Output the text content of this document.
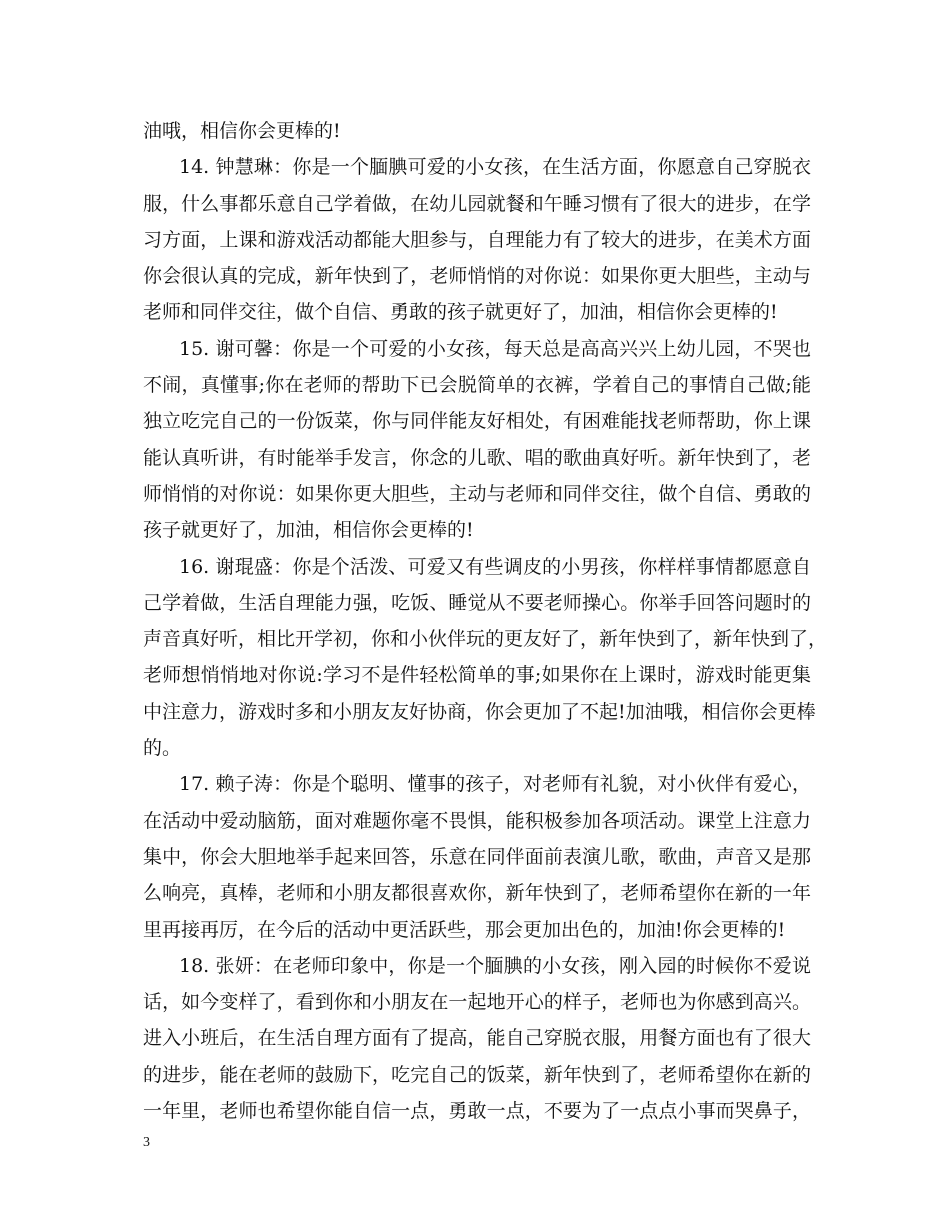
油哦，相信你会更棒的!
14. 钟慧琳：你是一个腼腆可爱的小女孩，在生活方面，你愿意自己穿脱衣
服，什么事都乐意自己学着做，在幼儿园就餐和午睡习惯有了很大的进步，在学
习方面，上课和游戏活动都能大胆参与，自理能力有了较大的进步，在美术方面
你会很认真的完成，新年快到了，老师悄悄的对你说：如果你更大胆些，主动与
老师和同伴交往，做个自信、勇敢的孩子就更好了，加油，相信你会更棒的!
15. 谢可馨：你是一个可爱的小女孩，每天总是高高兴兴上幼儿园，不哭也
不闹，真懂事;你在老师的帮助下已会脱简单的衣裤，学着自己的事情自己做;能
独立吃完自己的一份饭菜，你与同伴能友好相处，有困难能找老师帮助，你上课
能认真听讲，有时能举手发言，你念的儿歌、唱的歌曲真好听。新年快到了，老
师悄悄的对你说：如果你更大胆些，主动与老师和同伴交往，做个自信、勇敢的
孩子就更好了，加油，相信你会更棒的!
16. 谢琨盛：你是个活泼、可爱又有些调皮的小男孩，你样样事情都愿意自
己学着做，生活自理能力强，吃饭、睡觉从不要老师操心。你举手回答问题时的
声音真好听，相比开学初，你和小伙伴玩的更友好了，新年快到了，新年快到了，
老师想悄悄地对你说:学习不是件轻松简单的事;如果你在上课时，游戏时能更集
中注意力，游戏时多和小朋友友好协商，你会更加了不起!加油哦，相信你会更棒
的。
17. 赖子涛：你是个聪明、懂事的孩子，对老师有礼貌，对小伙伴有爱心，
在活动中爱动脑筋，面对难题你毫不畏惧，能积极参加各项活动。课堂上注意力
集中，你会大胆地举手起来回答，乐意在同伴面前表演儿歌，歌曲，声音又是那
么响亮，真棒，老师和小朋友都很喜欢你，新年快到了，老师希望你在新的一年
里再接再厉，在今后的活动中更活跃些，那会更加出色的，加油!你会更棒的!
18. 张妍：在老师印象中，你是一个腼腆的小女孩，刚入园的时候你不爱说
话，如今变样了，看到你和小朋友在一起地开心的样子，老师也为你感到高兴。
进入小班后，在生活自理方面有了提高，能自己穿脱衣服，用餐方面也有了很大
的进步，能在老师的鼓励下，吃完自己的饭菜，新年快到了，老师希望你在新的
一年里，老师也希望你能自信一点，勇敢一点，不要为了一点点小事而哭鼻子，
3
